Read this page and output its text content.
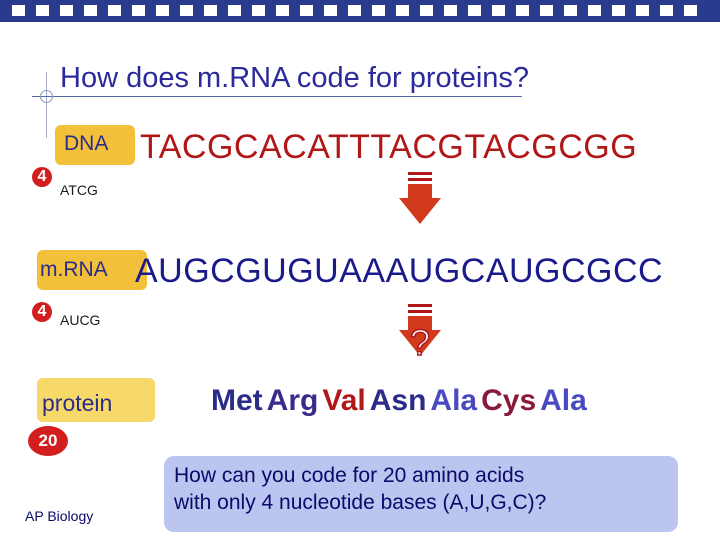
How does m.RNA code for proteins?
DNA
4
ATCG
TACGCACATTTACGTACGCGG
m.RNA
4 AUCG
AUGCGUGUAAAUGCAUGCGCC
?
protein
20
Met Arg Val Asn Ala Cys Ala
How can you code for 20 amino acids
with only 4 nucleotide bases (A,U,G,C)?
AP Biology
